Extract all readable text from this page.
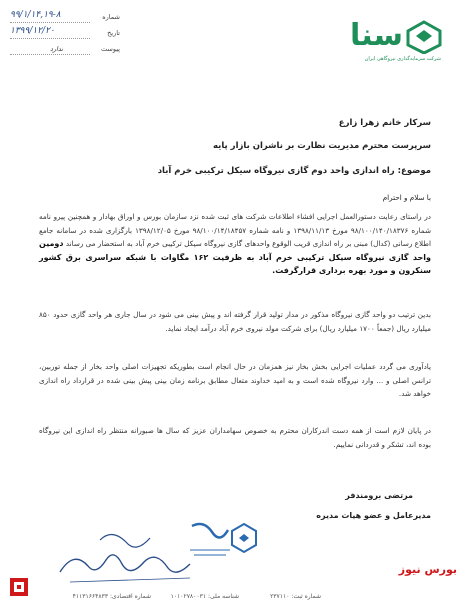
سنا
شرکت سرمایه‌گذاری نیروگاهی ایران
شماره
۹۹/۱/۱۴,۱۹-۸
تاریخ
۱۳۹۹/۱۲/۲۰
پیوست
ندارد
سرکار خانم زهرا زارع
سرپرست محترم مدیریت نظارت بر ناشران بازار پایه
موضوع: راه اندازی واحد دوم گازی نیروگاه سیکل ترکیبی خرم آباد
با سلام و احترام
در راستای رعایت دستورالعمل اجرایی افشاء اطلاعات شرکت های ثبت شده نزد سازمان بورس و اوراق بهادار و همچنین پیرو نامه شماره ۹۸/۱۰۰/۱۴۰/۱۸۳۷۶ مورخ ۱۳۹۸/۱۱/۱۳ و نامه شماره ۹۸/۱۰۰/۱۴/۱۸۴۵۷ مورخ ۱۳۹۸/۱۲/۰۵ بارگزاری شده در سامانه جامع اطلاع رسانی (کدال) مبنی بر راه اندازی قریب الوقوع واحدهای گازی نیروگاه سیکل ترکیبی خرم آباد به استحضار می رساند دومین واحد گازی نیروگاه سیکل ترکیبی خرم آباد به ظرفیت ۱۶۲ مگاوات با شبکه سراسری برق کشور سنکرون و مورد بهره برداری قرارگرفت.
بدین ترتیب دو واحد گازی نیروگاه مذکور در مدار تولید قرار گرفته اند و پیش بینی می شود در سال جاری هر واحد گازی حدود ۸۵۰ میلیارد ریال (جمعاً ۱۷۰۰ میلیارد ریال) برای شرکت مولد نیروی خرم آباد درآمد ایجاد نماید.
یادآوری می گردد عملیات اجرایی بخش بخار نیز همزمان در حال انجام است بطوریکه تجهیزات اصلی واحد بخار از جمله توربین، ترانس اصلی و ... وارد نیروگاه شده است و به امید خداوند متعال مطابق برنامه زمان بینی پیش بینی شده در قرارداد راه اندازی خواهد شد.
در پایان لازم است از همه دست اندرکاران محترم به خصوص سهامداران عزیز که سال ها صبورانه منتظر راه اندازی این نیروگاه بوده اند، تشکر و قدردانی نماییم.
مرتضی برومندفر
مدیرعامل و عضو هیات مدیره
بورس نیوز
شماره ثبت: ۲۳۷۱۱۰
شناسه ملی: ۱۰۱۰۲۷۸۰۰۳۱
شماره اقتصادی: ۴۱۱۳۱۶۶۴۸۳۳
